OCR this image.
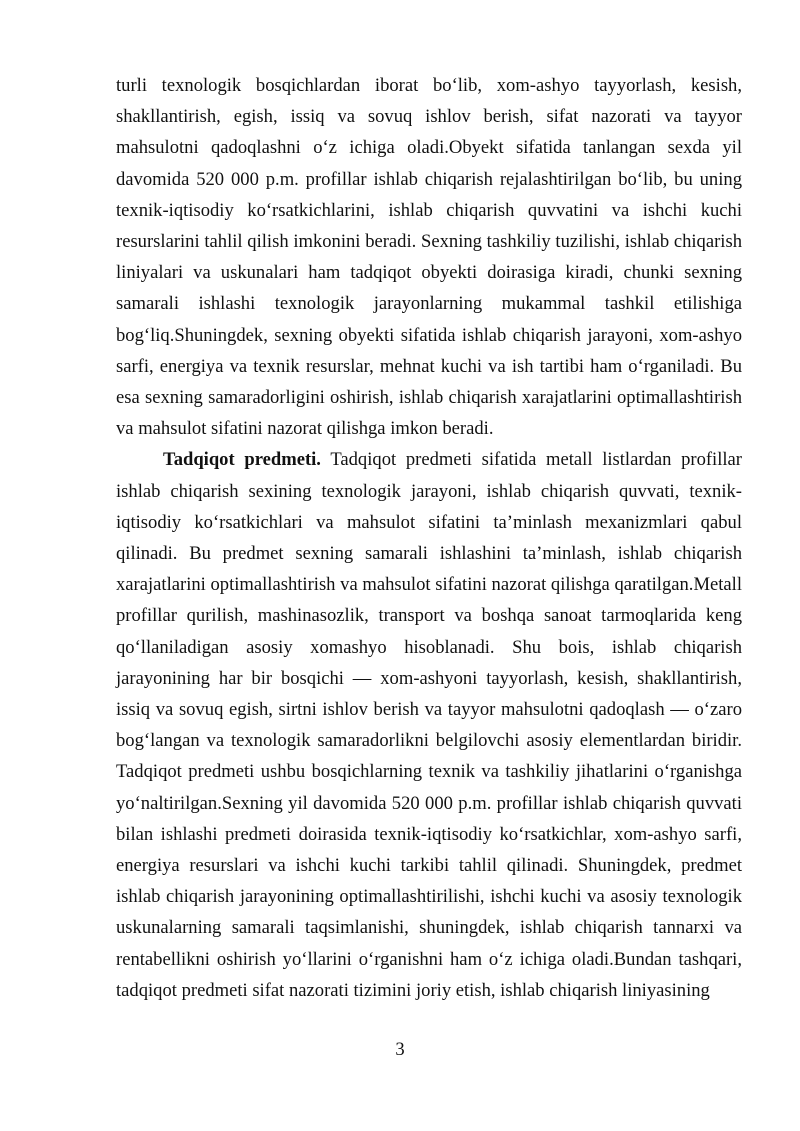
turli texnologik bosqichlardan iborat bo‘lib, xom-ashyo tayyorlash, kesish, shakllantirish, egish, issiq va sovuq ishlov berish, sifat nazorati va tayyor mahsulotni qadoqlashni o‘z ichiga oladi.Obyekt sifatida tanlangan sexda yil davomida 520 000 p.m. profillar ishlab chiqarish rejalashtirilgan bo‘lib, bu uning texnik-iqtisodiy ko‘rsatkichlarini, ishlab chiqarish quvvatini va ishchi kuchi resurslarini tahlil qilish imkonini beradi. Sexning tashkiliy tuzilishi, ishlab chiqarish liniyalari va uskunalari ham tadqiqot obyekti doirasiga kiradi, chunki sexning samarali ishlashi texnologik jarayonlarning mukammal tashkil etilishiga bog‘liq.Shuningdek, sexning obyekti sifatida ishlab chiqarish jarayoni, xom-ashyo sarfi, energiya va texnik resurslar, mehnat kuchi va ish tartibi ham o‘rganiladi. Bu esa sexning samaradorligini oshirish, ishlab chiqarish xarajatlarini optimallashtirish va mahsulot sifatini nazorat qilishga imkon beradi.

Tadqiqot predmeti. Tadqiqot predmeti sifatida metall listlardan profillar ishlab chiqarish sexining texnologik jarayoni, ishlab chiqarish quvvati, texnik-iqtisodiy ko‘rsatkichlari va mahsulot sifatini ta’minlash mexanizmlari qabul qilinadi. Bu predmet sexning samarali ishlashini ta’minlash, ishlab chiqarish xarajatlarini optimallashtirish va mahsulot sifatini nazorat qilishga qaratilgan.Metall profillar qurilish, mashinasozlik, transport va boshqa sanoat tarmoqlarida keng qo‘llaniladigan asosiy xomashyo hisoblanadi. Shu bois, ishlab chiqarish jarayonining har bir bosqichi — xom-ashyoni tayyorlash, kesish, shakllantirish, issiq va sovuq egish, sirtni ishlov berish va tayyor mahsulotni qadoqlash — o‘zaro bog‘langan va texnologik samaradorlikni belgilovchi asosiy elementlardan biridir. Tadqiqot predmeti ushbu bosqichlarning texnik va tashkiliy jihatlarini o‘rganishga yo‘naltirilgan.Sexning yil davomida 520 000 p.m. profillar ishlab chiqarish quvvati bilan ishlashi predmeti doirasida texnik-iqtisodiy ko‘rsatkichlar, xom-ashyo sarfi, energiya resurslari va ishchi kuchi tarkibi tahlil qilinadi. Shuningdek, predmet ishlab chiqarish jarayonining optimallashtirilishi, ishchi kuchi va asosiy texnologik uskunalarning samarali taqsimlanishi, shuningdek, ishlab chiqarish tannarxi va rentabellikni oshirish yo‘llarini o‘rganishni ham o‘z ichiga oladi.Bundan tashqari, tadqiqot predmeti sifat nazorati tizimini joriy etish, ishlab chiqarish liniyasining

3
